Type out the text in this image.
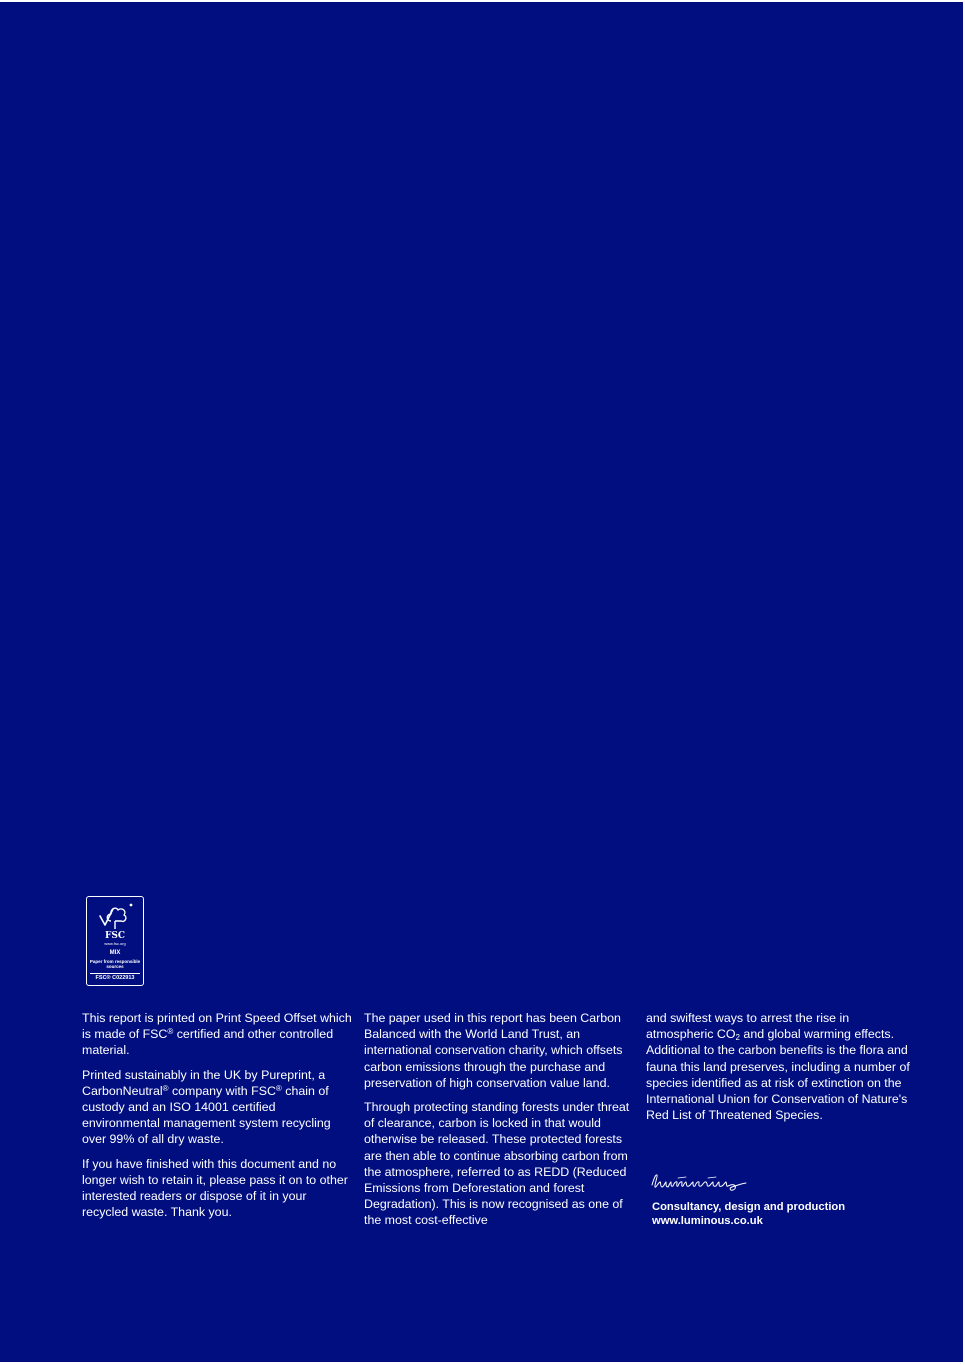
FSC
www.fsc.org
MIX
Paper from responsible sources
FSC® C022913

This report is printed on Print Speed Offset which is made of FSC® certified and other controlled material.

Printed sustainably in the UK by Pureprint, a CarbonNeutral® company with FSC® chain of custody and an ISO 14001 certified environmental management system recycling over 99% of all dry waste.

If you have finished with this document and no longer wish to retain it, please pass it on to other interested readers or dispose of it in your recycled waste. Thank you.

The paper used in this report has been Carbon Balanced with the World Land Trust, an international conservation charity, which offsets carbon emissions through the purchase and preservation of high conservation value land.

Through protecting standing forests under threat of clearance, carbon is locked in that would otherwise be released. These protected forests are then able to continue absorbing carbon from the atmosphere, referred to as REDD (Reduced Emissions from Deforestation and forest Degradation). This is now recognised as one of the most cost-effective

and swiftest ways to arrest the rise in atmospheric $CO_2$ and global warming effects. Additional to the carbon benefits is the flora and fauna this land preserves, including a number of species identified as at risk of extinction on the International Union for Conservation of Nature's Red List of Threatened Species.

Consultancy, design and production
www.luminous.co.uk
